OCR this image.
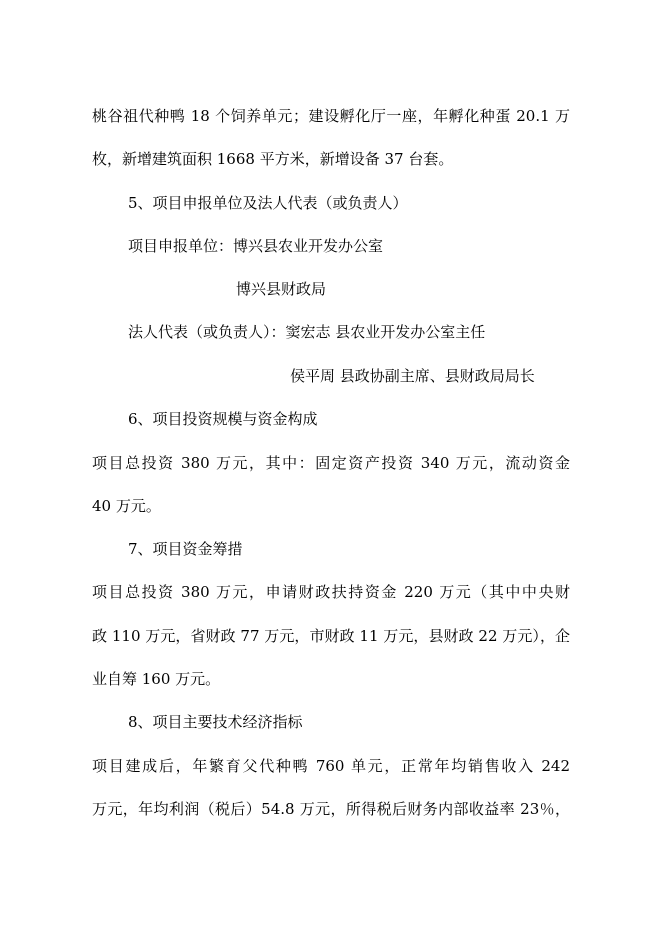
桃谷祖代种鸭 18 个饲养单元；建设孵化厅一座，年孵化种蛋 20.1 万
枚，新增建筑面积 1668 平方米，新增设备 37 台套。
5、项目申报单位及法人代表（或负责人）
项目申报单位：博兴县农业开发办公室
博兴县财政局
法人代表（或负责人）：窦宏志 县农业开发办公室主任
侯平周 县政协副主席、县财政局局长
6、项目投资规模与资金构成
项目总投资 380 万元，其中：固定资产投资 340 万元，流动资金
40 万元。
7、项目资金筹措
项目总投资 380 万元，申请财政扶持资金 220 万元（其中中央财
政 110 万元，省财政 77 万元，市财政 11 万元，县财政 22 万元），企
业自筹 160 万元。
8、项目主要技术经济指标
项目建成后，年繁育父代种鸭 760 单元，正常年均销售收入 242
万元，年均利润（税后）54.8 万元，所得税后财务内部收益率 23％，
